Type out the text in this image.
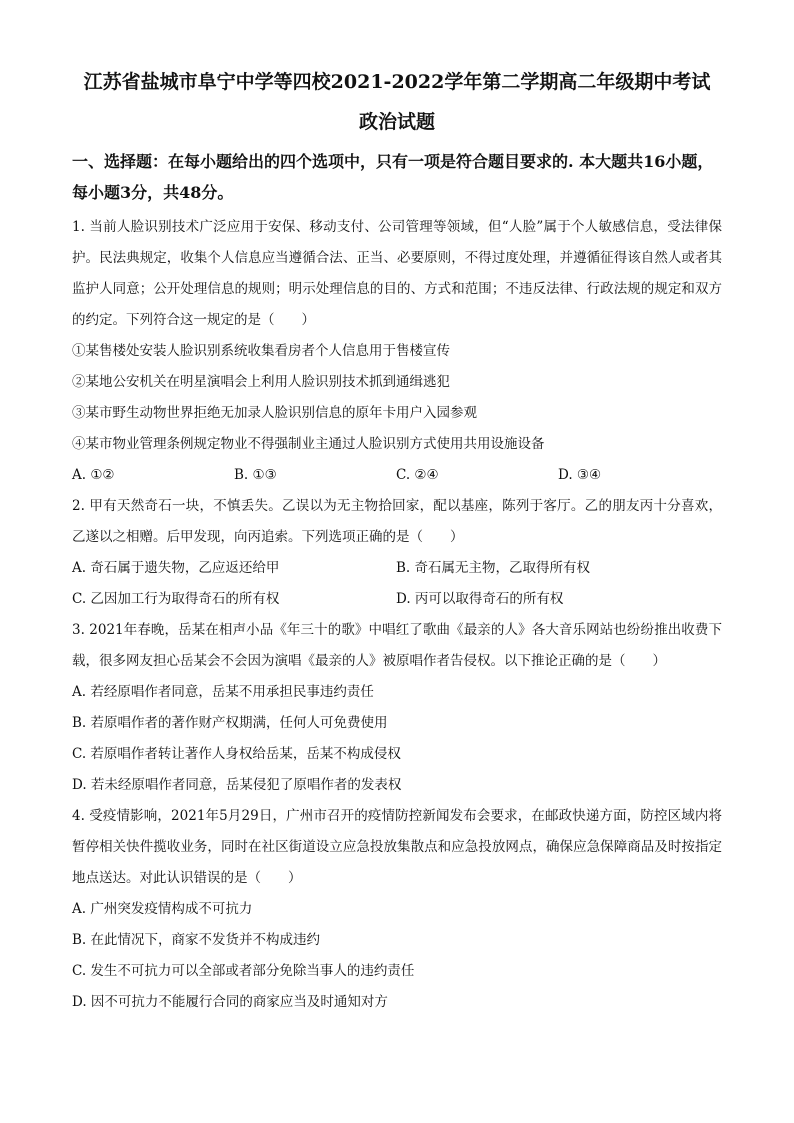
江苏省盐城市阜宁中学等四校2021-2022学年第二学期高二年级期中考试
政治试题
一、选择题：在每小题给出的四个选项中，只有一项是符合题目要求的. 本大题共16小题，每小题3分，共48分。

1. 当前人脸识别技术广泛应用于安保、移动支付、公司管理等领域，但“人脸”属于个人敏感信息，受法律保护。民法典规定，收集个人信息应当遵循合法、正当、必要原则，不得过度处理，并遵循征得该自然人或者其监护人同意；公开处理信息的规则；明示处理信息的目的、方式和范围；不违反法律、行政法规的规定和双方的约定。下列符合这一规定的是（　　）

①某售楼处安装人脸识别系统收集看房者个人信息用于售楼宣传

②某地公安机关在明星演唱会上利用人脸识别技术抓到通缉逃犯

③某市野生动物世界拒绝无加录人脸识别信息的原年卡用户入园参观

④某市物业管理条例规定物业不得强制业主通过人脸识别方式使用共用设施设备

A. ①②	B. ①③	C. ②④	D. ③④

2. 甲有天然奇石一块，不慎丢失。乙误以为无主物拾回家，配以基座，陈列于客厅。乙的朋友丙十分喜欢，乙遂以之相赠。后甲发现，向丙追索。下列选项正确的是（　　）

A. 奇石属于遗失物，乙应返还给甲	B. 奇石属无主物，乙取得所有权
C. 乙因加工行为取得奇石的所有权	D. 丙可以取得奇石的所有权

3. 2021年春晚，岳某在相声小品《年三十的歌》中唱红了歌曲《最亲的人》各大音乐网站也纷纷推出收费下载，很多网友担心岳某会不会因为演唱《最亲的人》被原唱作者告侵权。以下推论正确的是（　　）

A. 若经原唱作者同意，岳某不用承担民事违约责任

B. 若原唱作者的著作财产权期满，任何人可免费使用

C. 若原唱作者转让著作人身权给岳某，岳某不构成侵权

D. 若未经原唱作者同意，岳某侵犯了原唱作者的发表权

4. 受疫情影响，2021年5月29日，广州市召开的疫情防控新闻发布会要求，在邮政快递方面，防控区域内将暂停相关快件揽收业务，同时在社区街道设立应急投放集散点和应急投放网点，确保应急保障商品及时按指定地点送达。对此认识错误的是（　　）

A. 广州突发疫情构成不可抗力

B. 在此情况下，商家不发货并不构成违约

C. 发生不可抗力可以全部或者部分免除当事人的违约责任

D. 因不可抗力不能履行合同的商家应当及时通知对方
